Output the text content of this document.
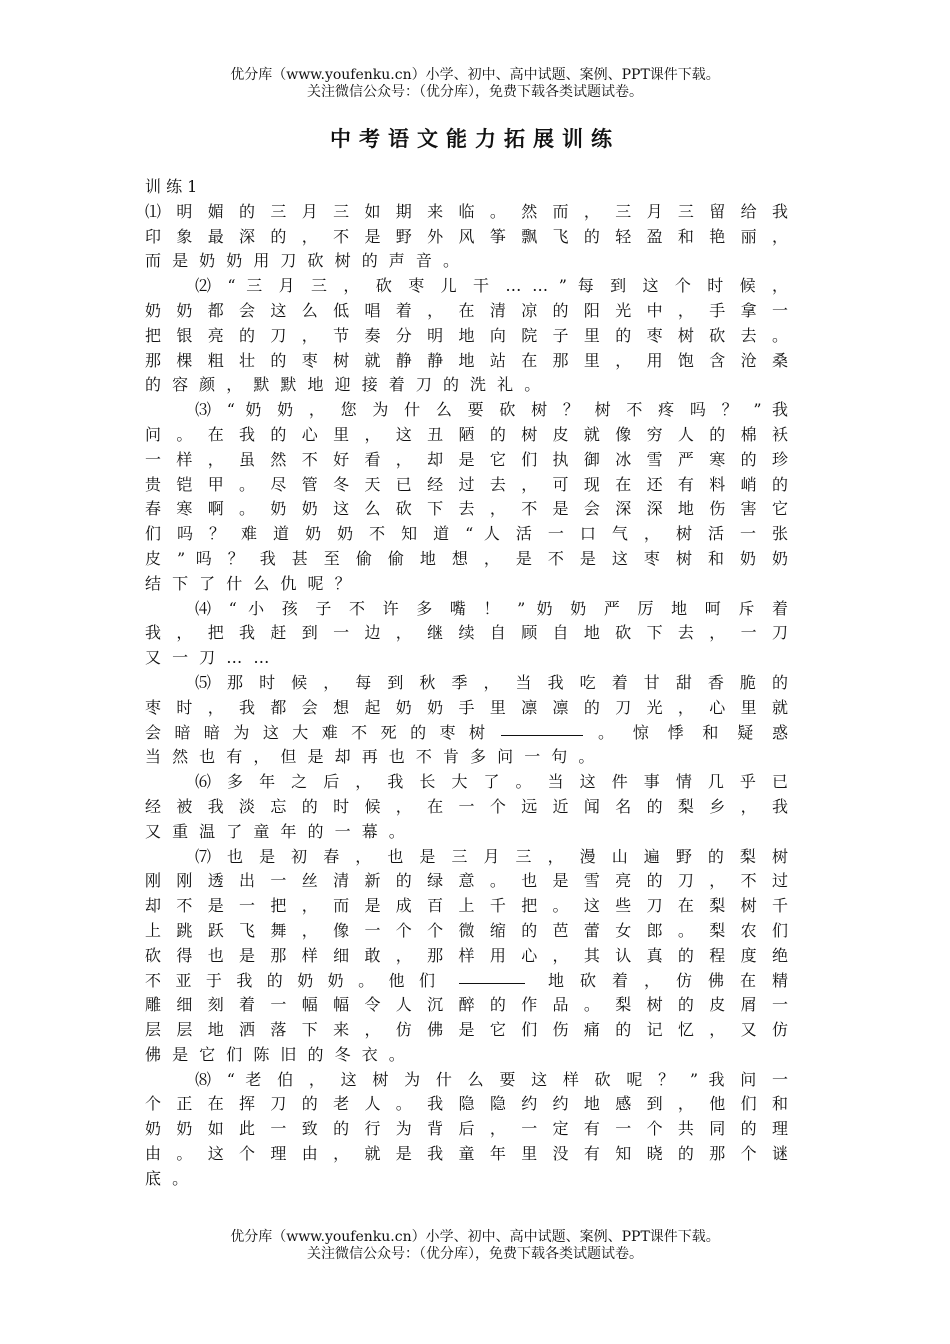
优分库（www.youfenku.cn）小学、初中、高中试题、案例、PPT课件下载。
关注微信公众号：（优分库），免费下载各类试题试卷。
中考语文能力拓展训练
训 练 1
⑴ 明 媚 的 三 月 三 如 期 来 临 。 然 而 ， 三 月 三 留 给 我
印 象 最 深 的 ， 不 是 野 外 风 筝 飘 飞 的 轻 盈 和 艳 丽 ，
而 是 奶 奶 用 刀 砍 树 的 声 音 。
⑵ “ 三 月 三 ， 砍 枣 儿 干 … … ” 每 到 这 个 时 候 ，
奶 奶 都 会 这 么 低 唱 着 ， 在 清 凉 的 阳 光 中 ， 手 拿 一
把 银 亮 的 刀 ， 节 奏 分 明 地 向 院 子 里 的 枣 树 砍 去 。
那 棵 粗 壮 的 枣 树 就 静 静 地 站 在 那 里 ， 用 饱 含 沧 桑
的 容 颜 ， 默 默 地 迎 接 着 刀 的 洗 礼 。
⑶ “ 奶 奶 ， 您 为 什 么 要 砍 树 ？ 树 不 疼 吗 ？ ” 我
问 。 在 我 的 心 里 ， 这 丑 陋 的 树 皮 就 像 穷 人 的 棉 袄
一 样 ， 虽 然 不 好 看 ， 却 是 它 们 执 御 冰 雪 严 寒 的 珍
贵 铠 甲 。 尽 管 冬 天 已 经 过 去 ， 可 现 在 还 有 料 峭 的
春 寒 啊 。 奶 奶 这 么 砍 下 去 ， 不 是 会 深 深 地 伤 害 它
们 吗 ？ 难 道 奶 奶 不 知 道 “ 人 活 一 口 气 ， 树 活 一 张
皮 ” 吗 ？ 我 甚 至 偷 偷 地 想 ， 是 不 是 这 枣 树 和 奶 奶
结 下 了 什 么 仇 呢 ？
⑷ “ 小 孩 子 不 许 多 嘴 ！ ” 奶 奶 严 厉 地 呵 斥 着
我 ， 把 我 赶 到 一 边 ， 继 续 自 顾 自 地 砍 下 去 ， 一 刀
又 一 刀 … …
⑸ 那 时 候 ， 每 到 秋 季 ， 当 我 吃 着 甘 甜 香 脆 的
枣 时 ， 我 都 会 想 起 奶 奶 手 里 凛 凛 的 刀 光 ， 心 里 就
会 暗 暗 为 这 大 难 不 死 的 枣 树	。 惊 悸 和 疑 惑
当 然 也 有 ， 但 是 却 再 也 不 肯 多 问 一 句 。
⑹ 多 年 之 后 ， 我 长 大 了 。 当 这 件 事 情 几 乎 已
经 被 我 淡 忘 的 时 候 ， 在 一 个 远 近 闻 名 的 梨 乡 ， 我
又 重 温 了 童 年 的 一 幕 。
⑺ 也 是 初 春 ， 也 是 三 月 三 ， 漫 山 遍 野 的 梨 树
刚 刚 透 出 一 丝 清 新 的 绿 意 。 也 是 雪 亮 的 刀 ， 不 过
却 不 是 一 把 ， 而 是 成 百 上 千 把 。 这 些 刀 在 梨 树 千
上 跳 跃 飞 舞 ， 像 一 个 个 微 缩 的 芭 蕾 女 郎 。 梨 农 们
砍 得 也 是 那 样 细 敢 ， 那 样 用 心 ， 其 认 真 的 程 度 绝
不 亚 于 我 的 奶 奶 。 他 们	地 砍 着 ， 仿 佛 在 精
雕 细 刻 着 一 幅 幅 令 人 沉 醉 的 作 品 。 梨 树 的 皮 屑 一
层 层 地 洒 落 下 来 ， 仿 佛 是 它 们 伤 痛 的 记 忆 ， 又 仿
佛 是 它 们 陈 旧 的 冬 衣 。
⑻ “ 老 伯 ， 这 树 为 什 么 要 这 样 砍 呢 ？ ” 我 问 一
个 正 在 挥 刀 的 老 人 。 我 隐 隐 约 约 地 感 到 ， 他 们 和
奶 奶 如 此 一 致 的 行 为 背 后 ， 一 定 有 一 个 共 同 的 理
由 。 这 个 理 由 ， 就 是 我 童 年 里 没 有 知 晓 的 那 个 谜
底 。
优分库（www.youfenku.cn）小学、初中、高中试题、案例、PPT课件下载。
关注微信公众号：（优分库），免费下载各类试题试卷。
